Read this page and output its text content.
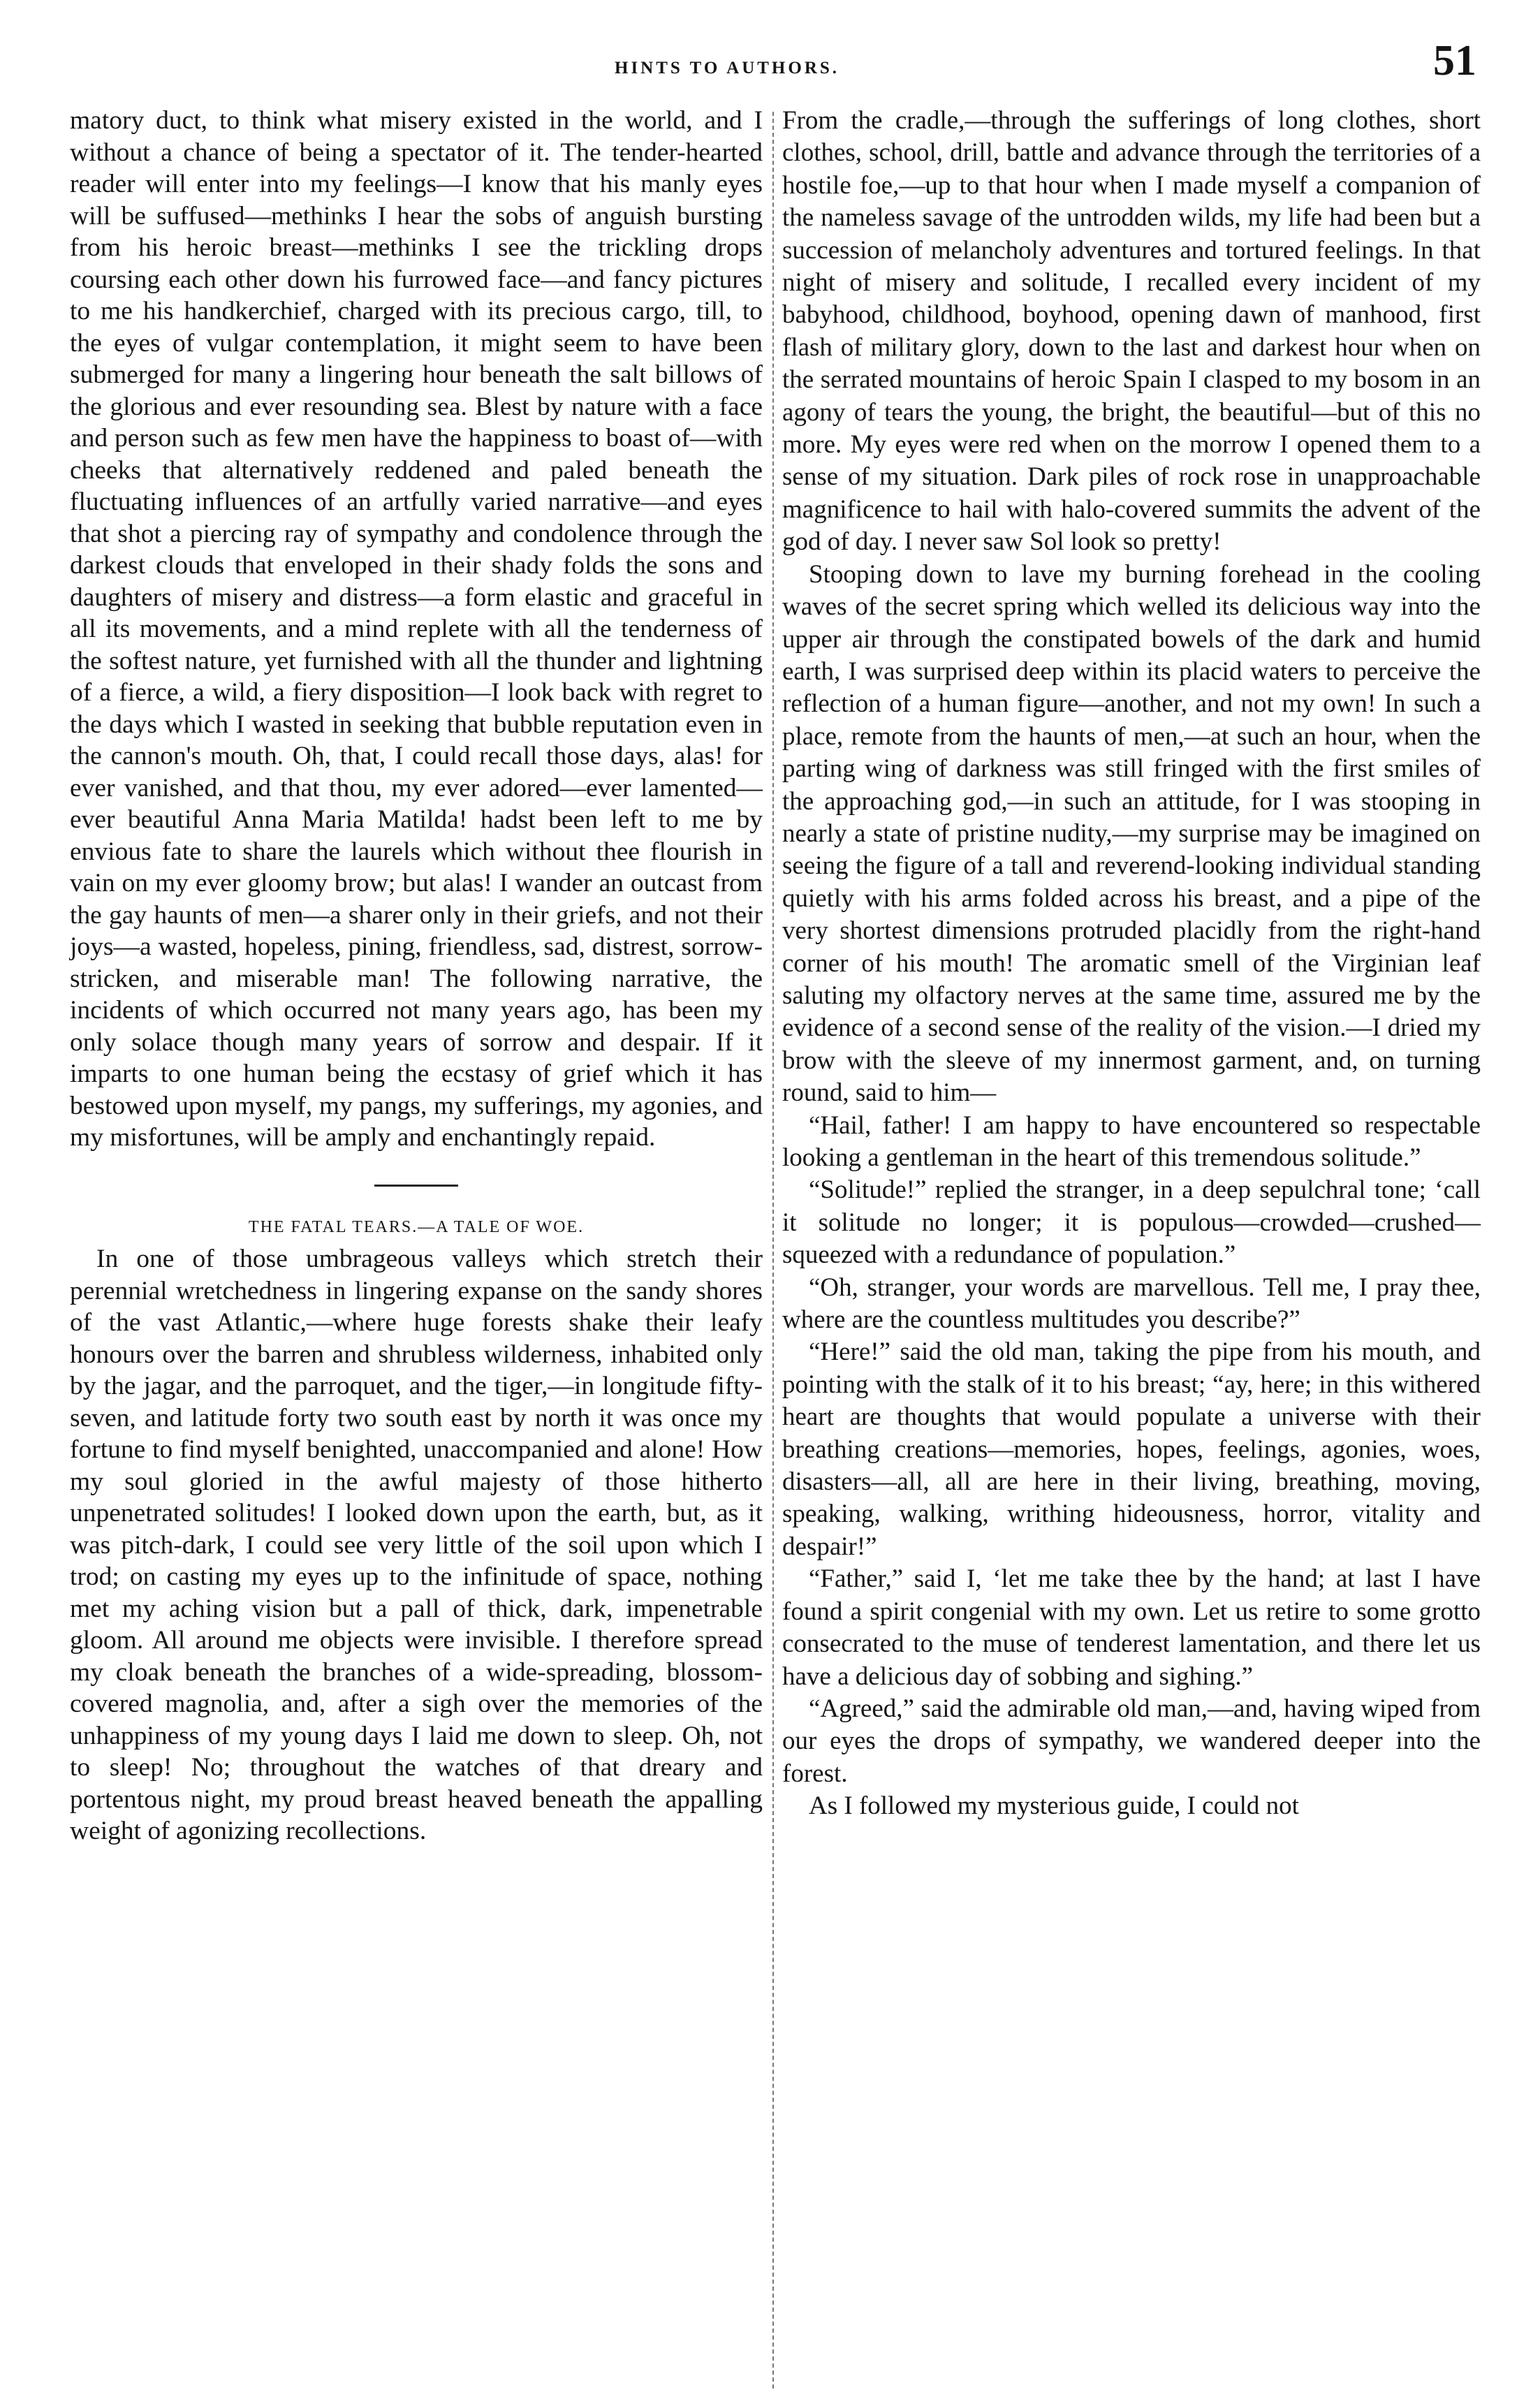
HINTS TO AUTHORS.	51

matory duct, to think what misery existed in the world, and I without a chance of being a spectator of it. The tender-hearted reader will enter into my feelings—I know that his manly eyes will be suffused—methinks I hear the sobs of anguish bursting from his heroic breast—methinks I see the trickling drops coursing each other down his furrowed face—and fancy pictures to me his handkerchief, charged with its precious cargo, till, to the eyes of vulgar contemplation, it might seem to have been submerged for many a lingering hour beneath the salt billows of the glorious and ever resounding sea. Blest by nature with a face and person such as few men have the happiness to boast of—with cheeks that alternatively reddened and paled beneath the fluctuating influences of an artfully varied narrative—and eyes that shot a piercing ray of sympathy and condolence through the darkest clouds that enveloped in their shady folds the sons and daughters of misery and distress—a form elastic and graceful in all its movements, and a mind replete with all the tenderness of the softest nature, yet furnished with all the thunder and lightning of a fierce, a wild, a fiery disposition—I look back with regret to the days which I wasted in seeking that bubble reputation even in the cannon's mouth. Oh, that, I could recall those days, alas! for ever vanished, and that thou, my ever adored—ever lamented—ever beautiful Anna Maria Matilda! hadst been left to me by envious fate to share the laurels which without thee flourish in vain on my ever gloomy brow; but alas! I wander an outcast from the gay haunts of men—a sharer only in their griefs, and not their joys—a wasted, hopeless, pining, friendless, sad, distrest, sorrow-stricken, and miserable man! The following narrative, the incidents of which occurred not many years ago, has been my only solace though many years of sorrow and despair. If it imparts to one human being the ecstasy of grief which it has bestowed upon myself, my pangs, my sufferings, my agonies, and my misfortunes, will be amply and enchantingly repaid.

THE FATAL TEARS.—A TALE OF WOE.

In one of those umbrageous valleys which stretch their perennial wretchedness in lingering expanse on the sandy shores of the vast Atlantic,—where huge forests shake their leafy honours over the barren and shrubless wilderness, inhabited only by the jagar, and the parroquet, and the tiger,—in longitude fifty-seven, and latitude forty two south east by north it was once my fortune to find myself benighted, unaccompanied and alone! How my soul gloried in the awful majesty of those hitherto unpenetrated solitudes! I looked down upon the earth, but, as it was pitch-dark, I could see very little of the soil upon which I trod; on casting my eyes up to the infinitude of space, nothing met my aching vision but a pall of thick, dark, impenetrable gloom. All around me objects were invisible. I therefore spread my cloak beneath the branches of a wide-spreading, blossom-covered magnolia, and, after a sigh over the memories of the unhappiness of my young days I laid me down to sleep. Oh, not to sleep! No; throughout the watches of that dreary and portentous night, my proud breast heaved beneath the appalling weight of agonizing recollections.

From the cradle,—through the sufferings of long clothes, short clothes, school, drill, battle and advance through the territories of a hostile foe,—up to that hour when I made myself a companion of the nameless savage of the untrodden wilds, my life had been but a succession of melancholy adventures and tortured feelings. In that night of misery and solitude, I recalled every incident of my babyhood, childhood, boyhood, opening dawn of manhood, first flash of military glory, down to the last and darkest hour when on the serrated mountains of heroic Spain I clasped to my bosom in an agony of tears the young, the bright, the beautiful—but of this no more. My eyes were red when on the morrow I opened them to a sense of my situation. Dark piles of rock rose in unapproachable magnificence to hail with halo-covered summits the advent of the god of day. I never saw Sol look so pretty!

Stooping down to lave my burning forehead in the cooling waves of the secret spring which welled its delicious way into the upper air through the constipated bowels of the dark and humid earth, I was surprised deep within its placid waters to perceive the reflection of a human figure—another, and not my own! In such a place, remote from the haunts of men,—at such an hour, when the parting wing of darkness was still fringed with the first smiles of the approaching god,—in such an attitude, for I was stooping in nearly a state of pristine nudity,—my surprise may be imagined on seeing the figure of a tall and reverend-looking individual standing quietly with his arms folded across his breast, and a pipe of the very shortest dimensions protruded placidly from the right-hand corner of his mouth! The aromatic smell of the Virginian leaf saluting my olfactory nerves at the same time, assured me by the evidence of a second sense of the reality of the vision.—I dried my brow with the sleeve of my innermost garment, and, on turning round, said to him—

“Hail, father! I am happy to have encountered so respectable looking a gentleman in the heart of this tremendous solitude.”

“Solitude!” replied the stranger, in a deep sepulchral tone; ‘call it solitude no longer; it is populous—crowded—crushed—squeezed with a redundance of population.”

“Oh, stranger, your words are marvellous. Tell me, I pray thee, where are the countless multitudes you describe?”

“Here!” said the old man, taking the pipe from his mouth, and pointing with the stalk of it to his breast; “ay, here; in this withered heart are thoughts that would populate a universe with their breathing creations—memories, hopes, feelings, agonies, woes, disasters—all, all are here in their living, breathing, moving, speaking, walking, writhing hideousness, horror, vitality and despair!”

“Father,” said I, ‘let me take thee by the hand; at last I have found a spirit congenial with my own. Let us retire to some grotto consecrated to the muse of tenderest lamentation, and there let us have a delicious day of sobbing and sighing.”

“Agreed,” said the admirable old man,—and, having wiped from our eyes the drops of sympathy, we wandered deeper into the forest.

As I followed my mysterious guide, I could not
